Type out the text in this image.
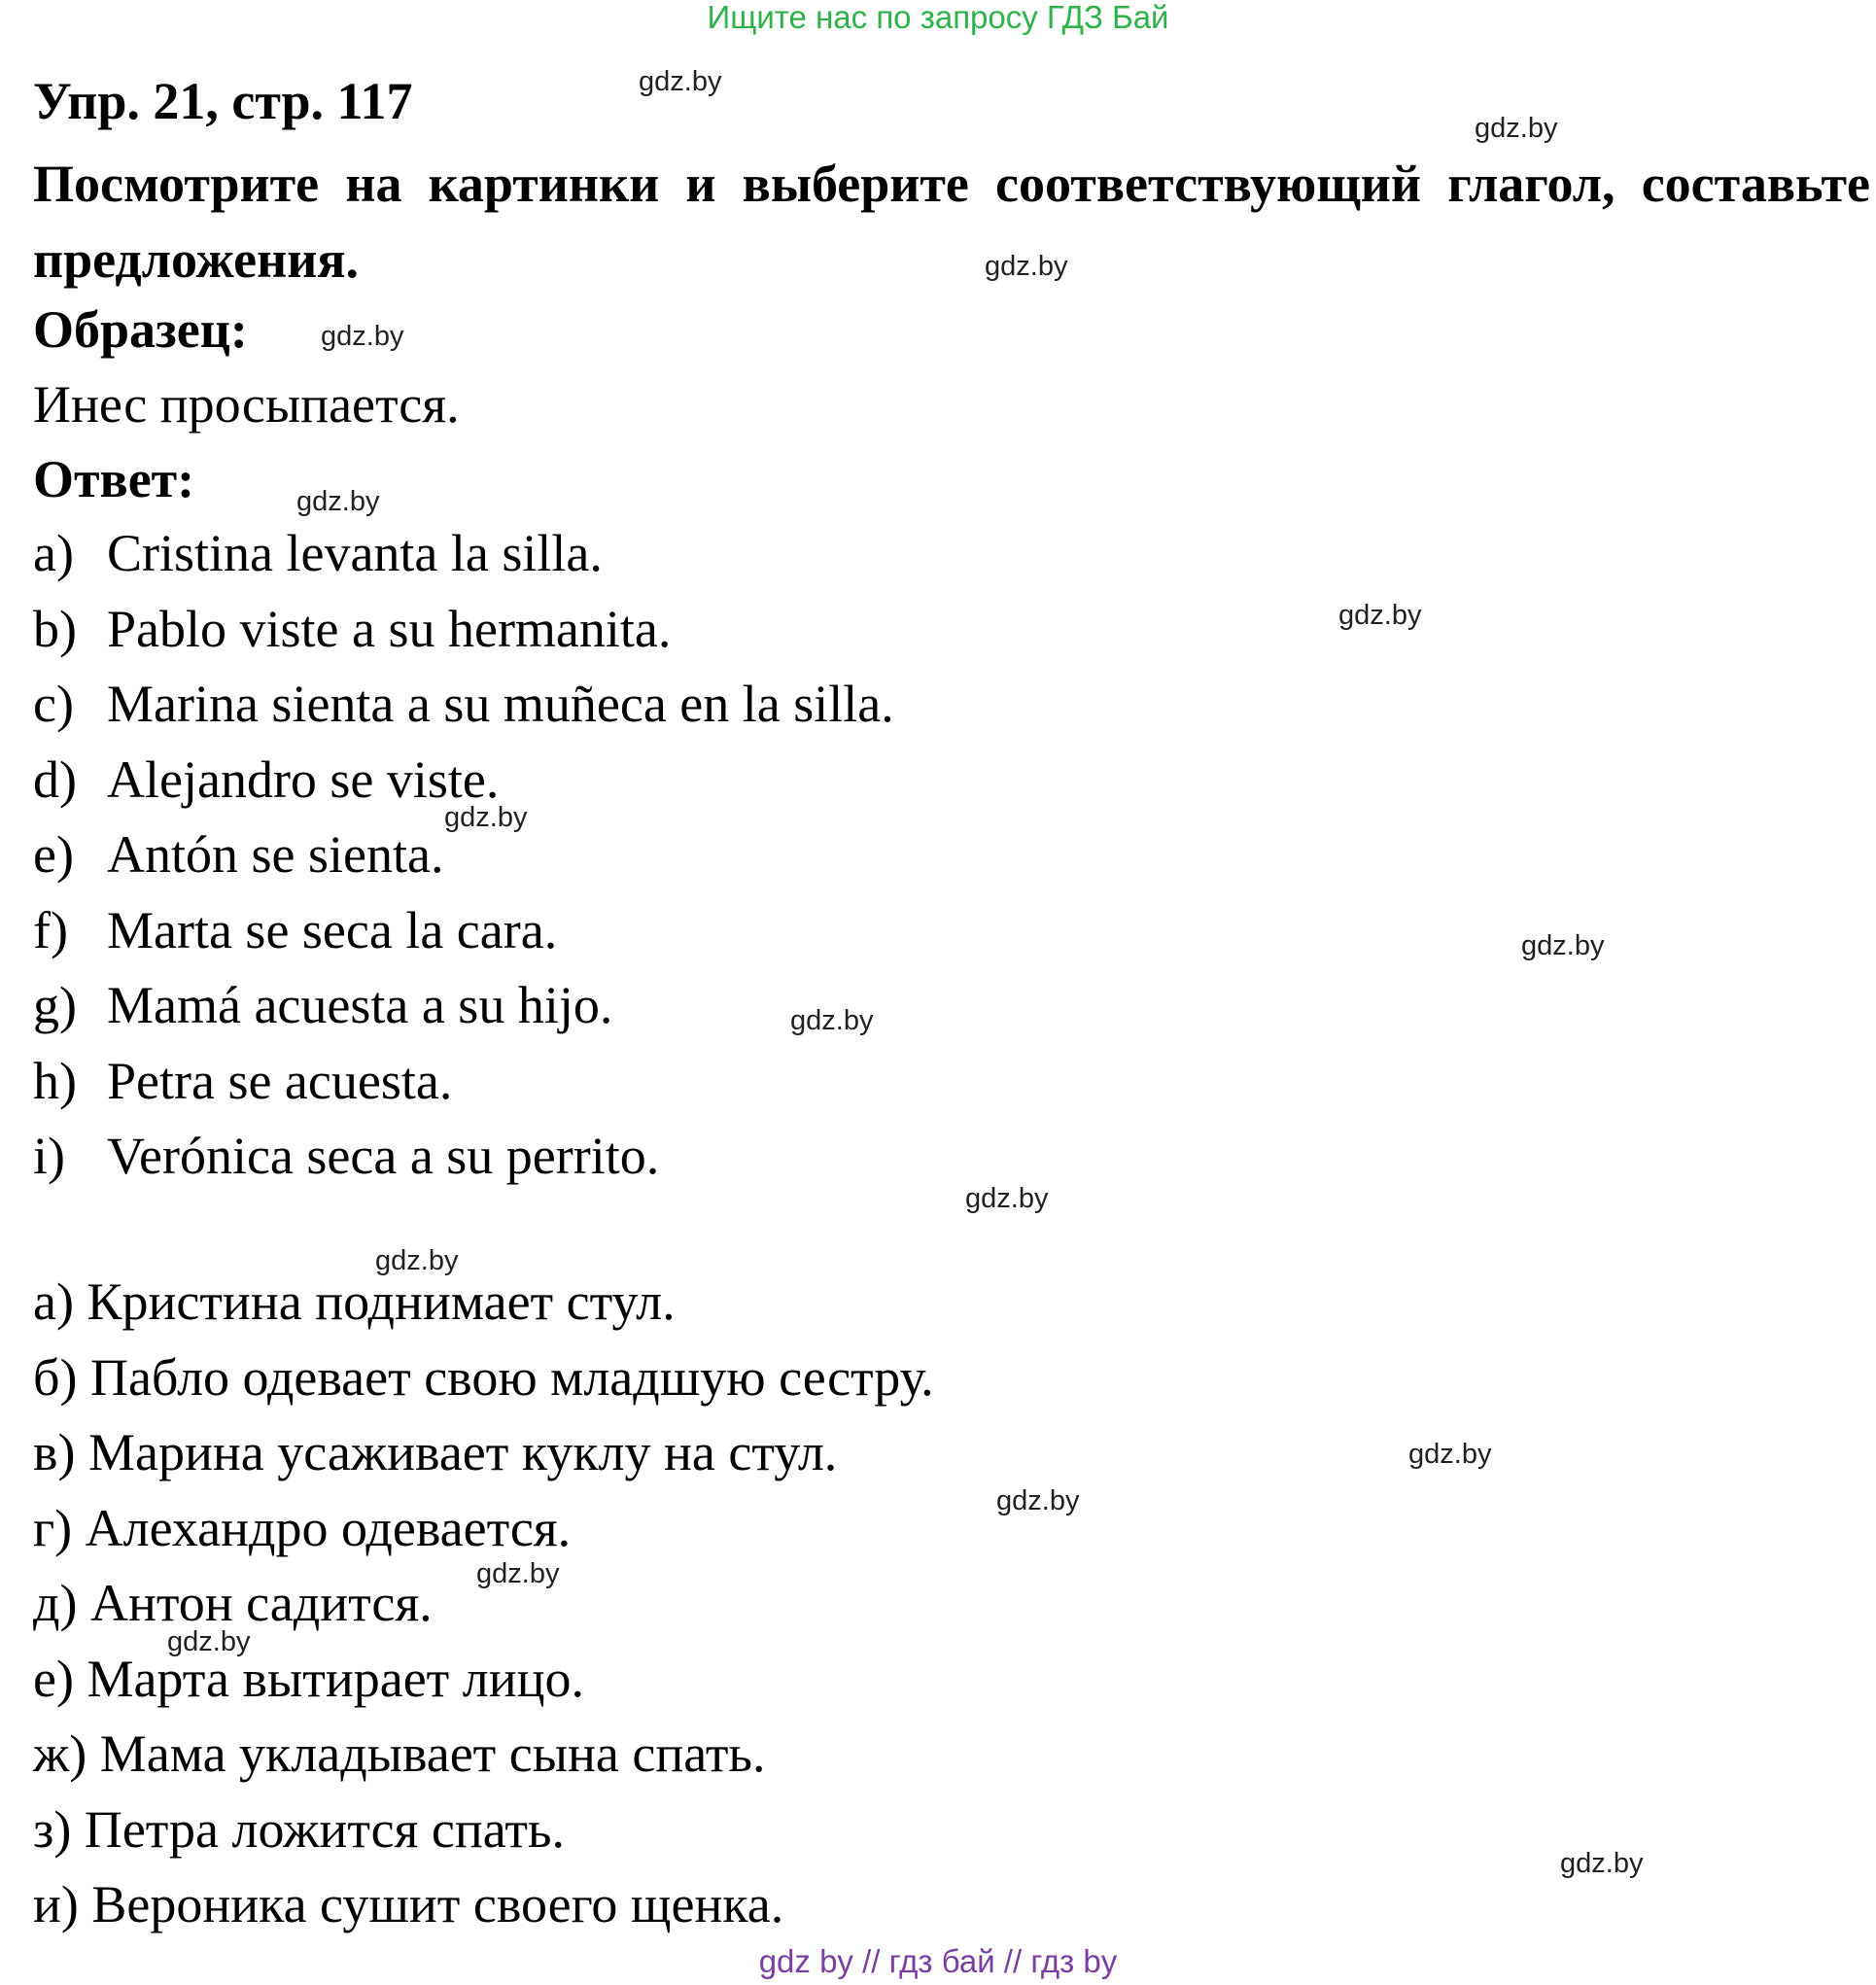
Ищите нас по запросу ГДЗ Бай
Упр. 21, стр. 117
Посмотрите на картинки и выберите соответствующий глагол, составьте предложения.
Образец:
Инес просыпается.
Ответ:
a) Cristina levanta la silla.
b) Pablo viste a su hermanita.
c) Marina sienta a su muñeca en la silla.
d) Alejandro se viste.
e) Antón se sienta.
f) Marta se seca la cara.
g) Mamá acuesta a su hijo.
h) Petra se acuesta.
i) Verónica seca a su perrito.
а) Кристина поднимает стул.
б) Пабло одевает свою младшую сестру.
в) Марина усаживает куклу на стул.
г) Алехандро одевается.
д) Антон садится.
е) Марта вытирает лицо.
ж) Мама укладывает сына спать.
з) Петра ложится спать.
и) Вероника сушит своего щенка.
gdz.by
gdz.by
gdz.by
gdz.by
gdz.by
gdz.by
gdz.by
gdz.by
gdz.by
gdz.by
gdz.by
gdz.by
gdz.by
gdz.by
gdz.by
gdz.by
gdz by // гдз бай // гдз by
